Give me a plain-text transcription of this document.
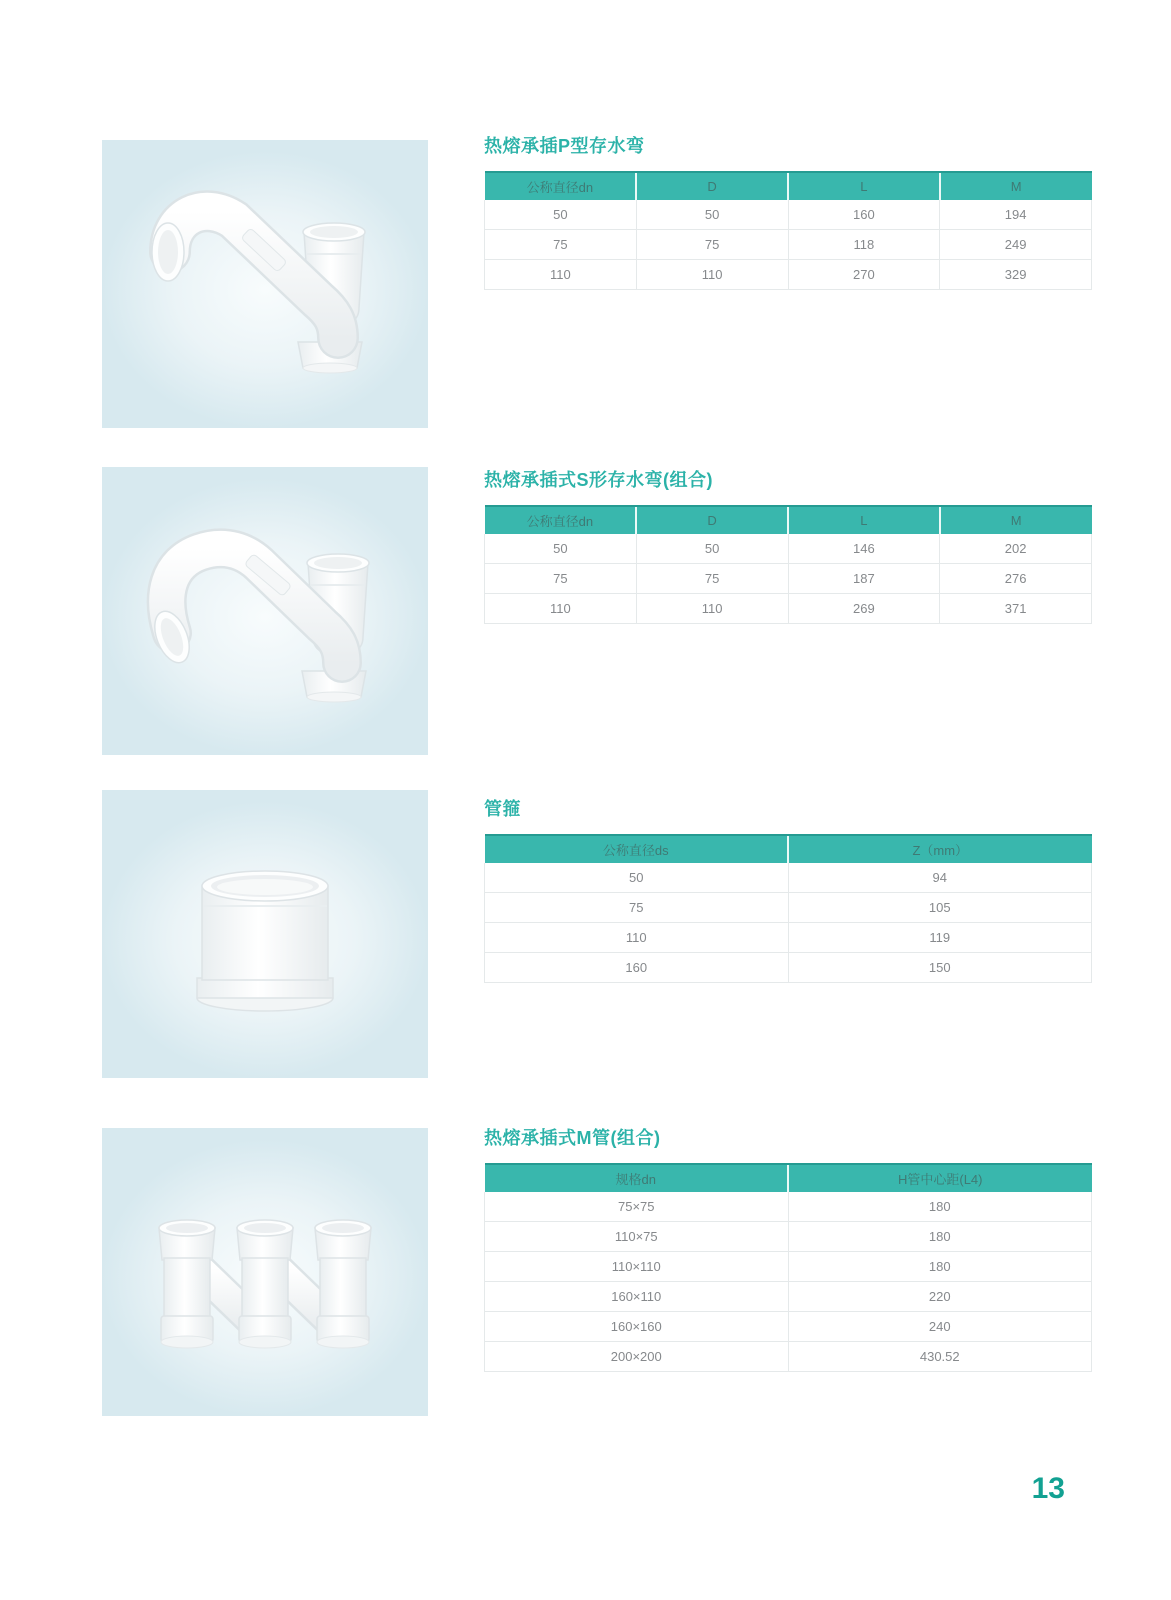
热熔承插P型存水弯
公称直径dn	D	L	M
50	50	160	194
75	75	118	249
110	110	270	329
热熔承插式S形存水弯(组合)
公称直径dn	D	L	M
50	50	146	202
75	75	187	276
110	110	269	371
管箍
公称直径ds	Z（mm）
50	94
75	105
110	119
160	150
热熔承插式M管(组合)
规格dn	H管中心距(L4)
75×75	180
110×75	180
110×110	180
160×110	220
160×160	240
200×200	430.52
13
